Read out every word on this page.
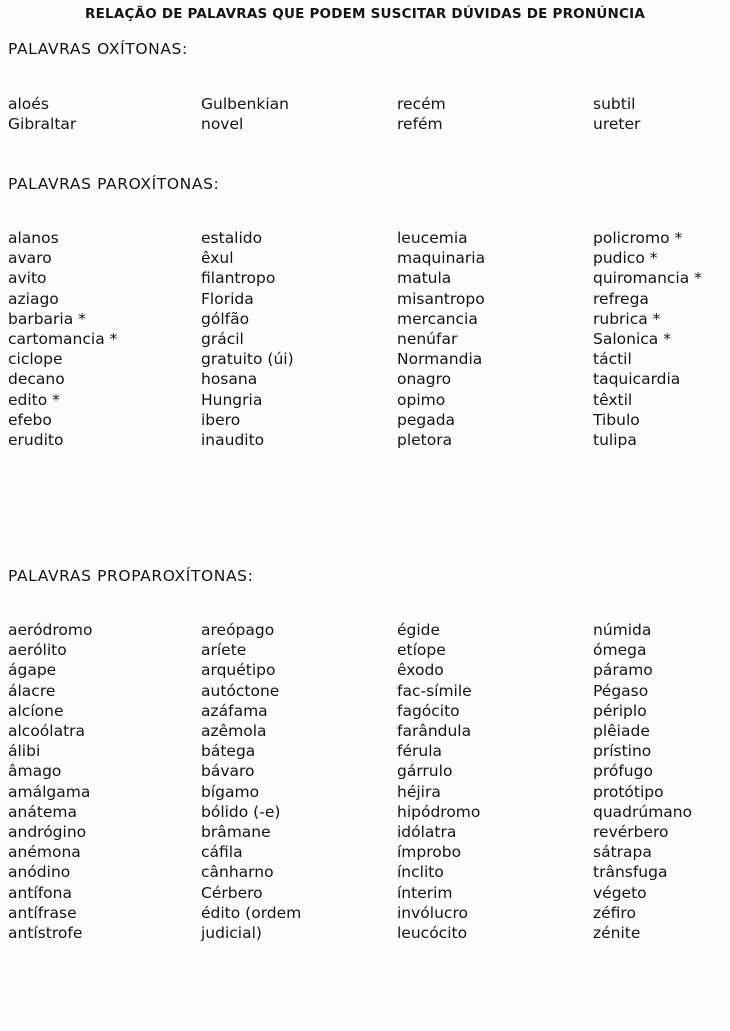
RELAÇÃO DE PALAVRAS QUE PODEM SUSCITAR DÚVIDAS DE PRONÚNCIA
PALAVRAS OXÍTONAS:
aloés	Gulbenkian	recém	subtil
Gibraltar	novel	refém	ureter
PALAVRAS PAROXÍTONAS:
alanos	estalido	leucemia	policromo *
avaro	êxul	maquinaria	pudico *
avito	filantropo	matula	quiromancia *
aziago	Florida	misantropo	refrega
barbaria *	gólfão	mercancia	rubrica *
cartomancia *	grácil	nenúfar	Salonica *
ciclope	gratuito (úi)	Normandia	táctil
decano	hosana	onagro	taquicardia
edito *	Hungria	opimo	têxtil
efebo	ibero	pegada	Tibulo
erudito	inaudito	pletora	tulipa
PALAVRAS PROPAROXÍTONAS:
aeródromo	areópago	égide	númida
aerólito	aríete	etíope	ómega
ágape	arquétipo	êxodo	páramo
álacre	autóctone	fac-símile	Pégaso
alcíone	azáfama	fagócito	périplo
alcoólatra	azêmola	farândula	plêiade
álibi	bátega	férula	prístino
âmago	bávaro	gárrulo	prófugo
amálgama	bígamo	héjira	protótipo
anátema	bólido (-e)	hipódromo	quadrúmano
andrógino	brâmane	idólatra	revérbero
anémona	cáfila	ímprobo	sátrapa
anódino	cânharno	ínclito	trânsfuga
antífona	Cérbero	ínterim	végeto
antífrase	édito (ordem	invólucro	zéfiro
antístrofe	judicial)	leucócito	zénite
